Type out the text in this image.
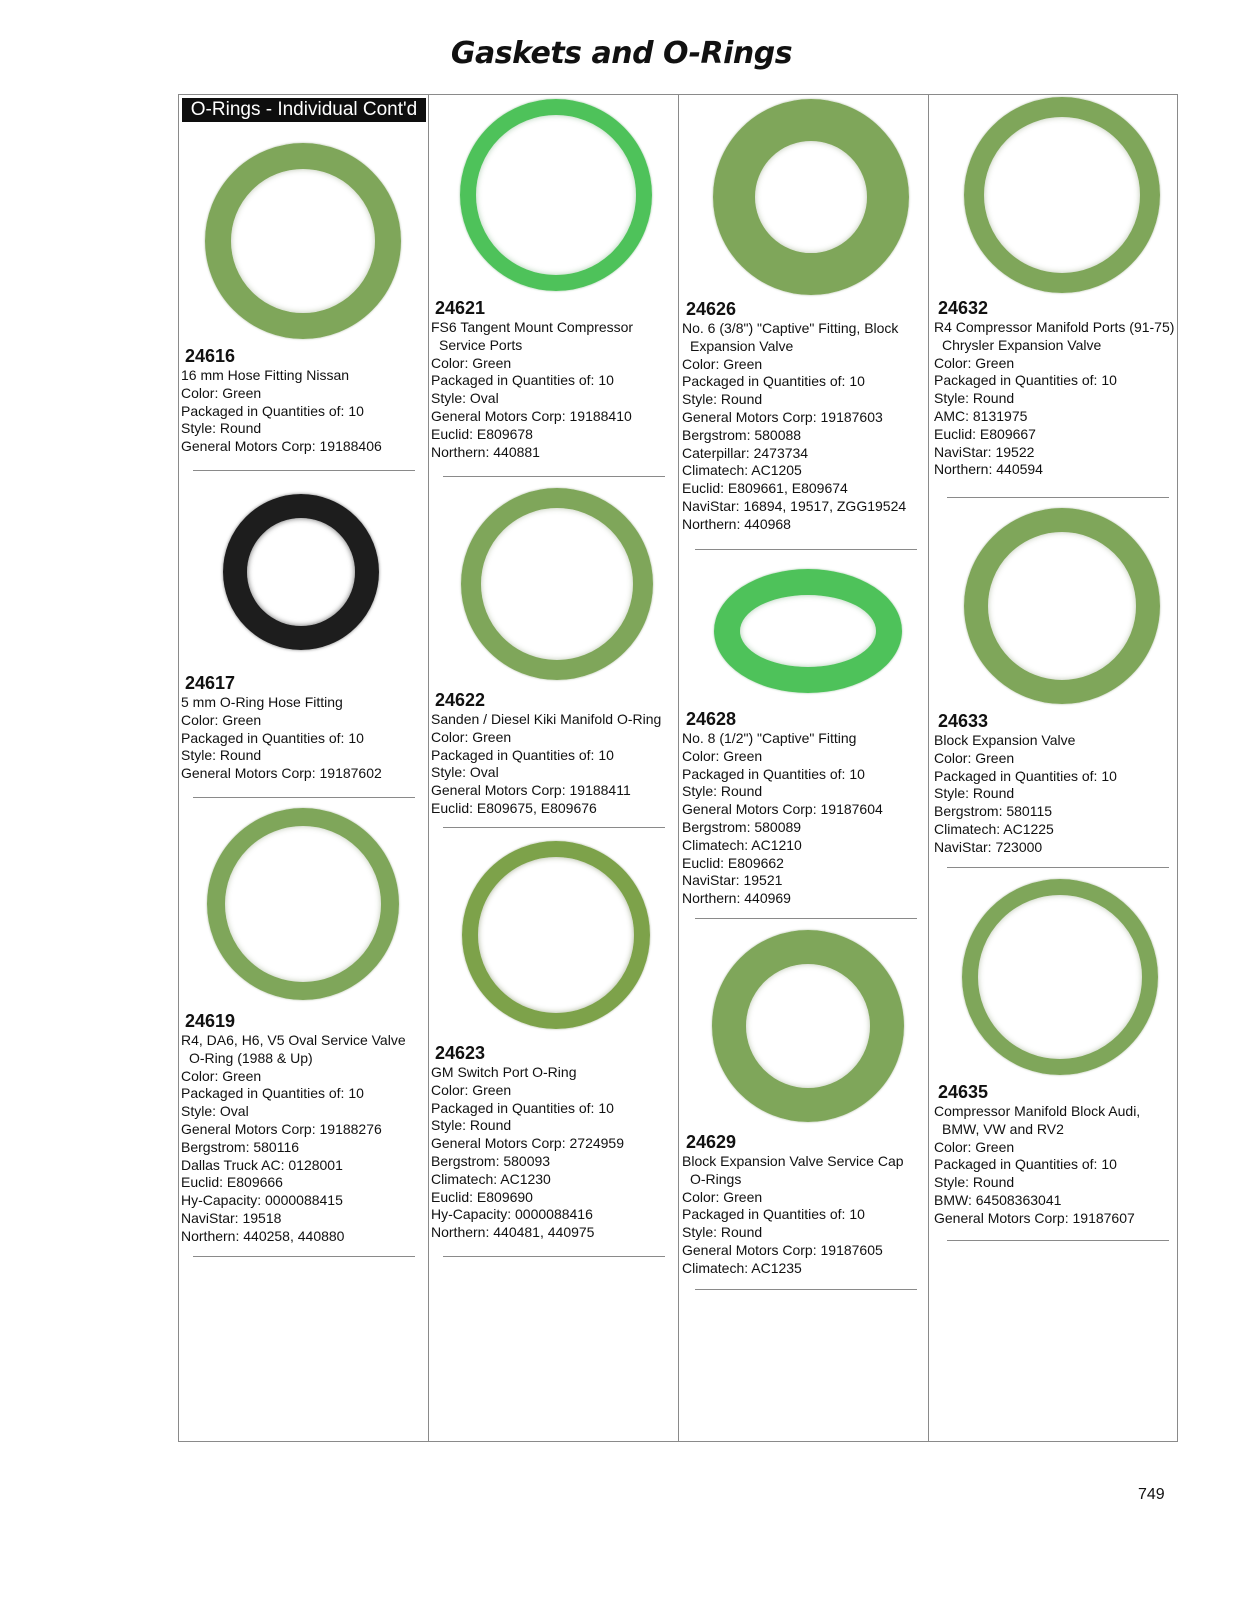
Gaskets and O-Rings
O-Rings - Individual Cont'd
24616
16 mm Hose Fitting Nissan
Color: Green
Packaged in Quantities of: 10
Style: Round
General Motors Corp: 19188406
24617
5 mm O-Ring Hose Fitting
Color: Green
Packaged in Quantities of: 10
Style: Round
General Motors Corp: 19187602
24619
R4, DA6, H6, V5 Oval Service Valve
O-Ring (1988 & Up)
Color: Green
Packaged in Quantities of: 10
Style: Oval
General Motors Corp: 19188276
Bergstrom: 580116
Dallas Truck AC: 0128001
Euclid: E809666
Hy-Capacity: 0000088415
NaviStar: 19518
Northern: 440258, 440880
24621
FS6 Tangent Mount Compressor
Service Ports
Color: Green
Packaged in Quantities of: 10
Style: Oval
General Motors Corp: 19188410
Euclid: E809678
Northern: 440881
24622
Sanden / Diesel Kiki Manifold O-Ring
Color: Green
Packaged in Quantities of: 10
Style: Oval
General Motors Corp: 19188411
Euclid: E809675, E809676
24623
GM Switch Port O-Ring
Color: Green
Packaged in Quantities of: 10
Style: Round
General Motors Corp: 2724959
Bergstrom: 580093
Climatech: AC1230
Euclid: E809690
Hy-Capacity: 0000088416
Northern: 440481, 440975
24626
No. 6 (3/8") "Captive" Fitting, Block
Expansion Valve
Color: Green
Packaged in Quantities of: 10
Style: Round
General Motors Corp: 19187603
Bergstrom: 580088
Caterpillar: 2473734
Climatech: AC1205
Euclid: E809661, E809674
NaviStar: 16894, 19517, ZGG19524
Northern: 440968
24628
No. 8 (1/2") "Captive" Fitting
Color: Green
Packaged in Quantities of: 10
Style: Round
General Motors Corp: 19187604
Bergstrom: 580089
Climatech: AC1210
Euclid: E809662
NaviStar: 19521
Northern: 440969
24629
Block Expansion Valve Service Cap
O-Rings
Color: Green
Packaged in Quantities of: 10
Style: Round
General Motors Corp: 19187605
Climatech: AC1235
24632
R4 Compressor Manifold Ports (91-75)
Chrysler Expansion Valve
Color: Green
Packaged in Quantities of: 10
Style: Round
AMC: 8131975
Euclid: E809667
NaviStar: 19522
Northern: 440594
24633
Block Expansion Valve
Color: Green
Packaged in Quantities of: 10
Style: Round
Bergstrom: 580115
Climatech: AC1225
NaviStar: 723000
24635
Compressor Manifold Block Audi,
BMW, VW and RV2
Color: Green
Packaged in Quantities of: 10
Style: Round
BMW: 64508363041
General Motors Corp: 19187607
749
